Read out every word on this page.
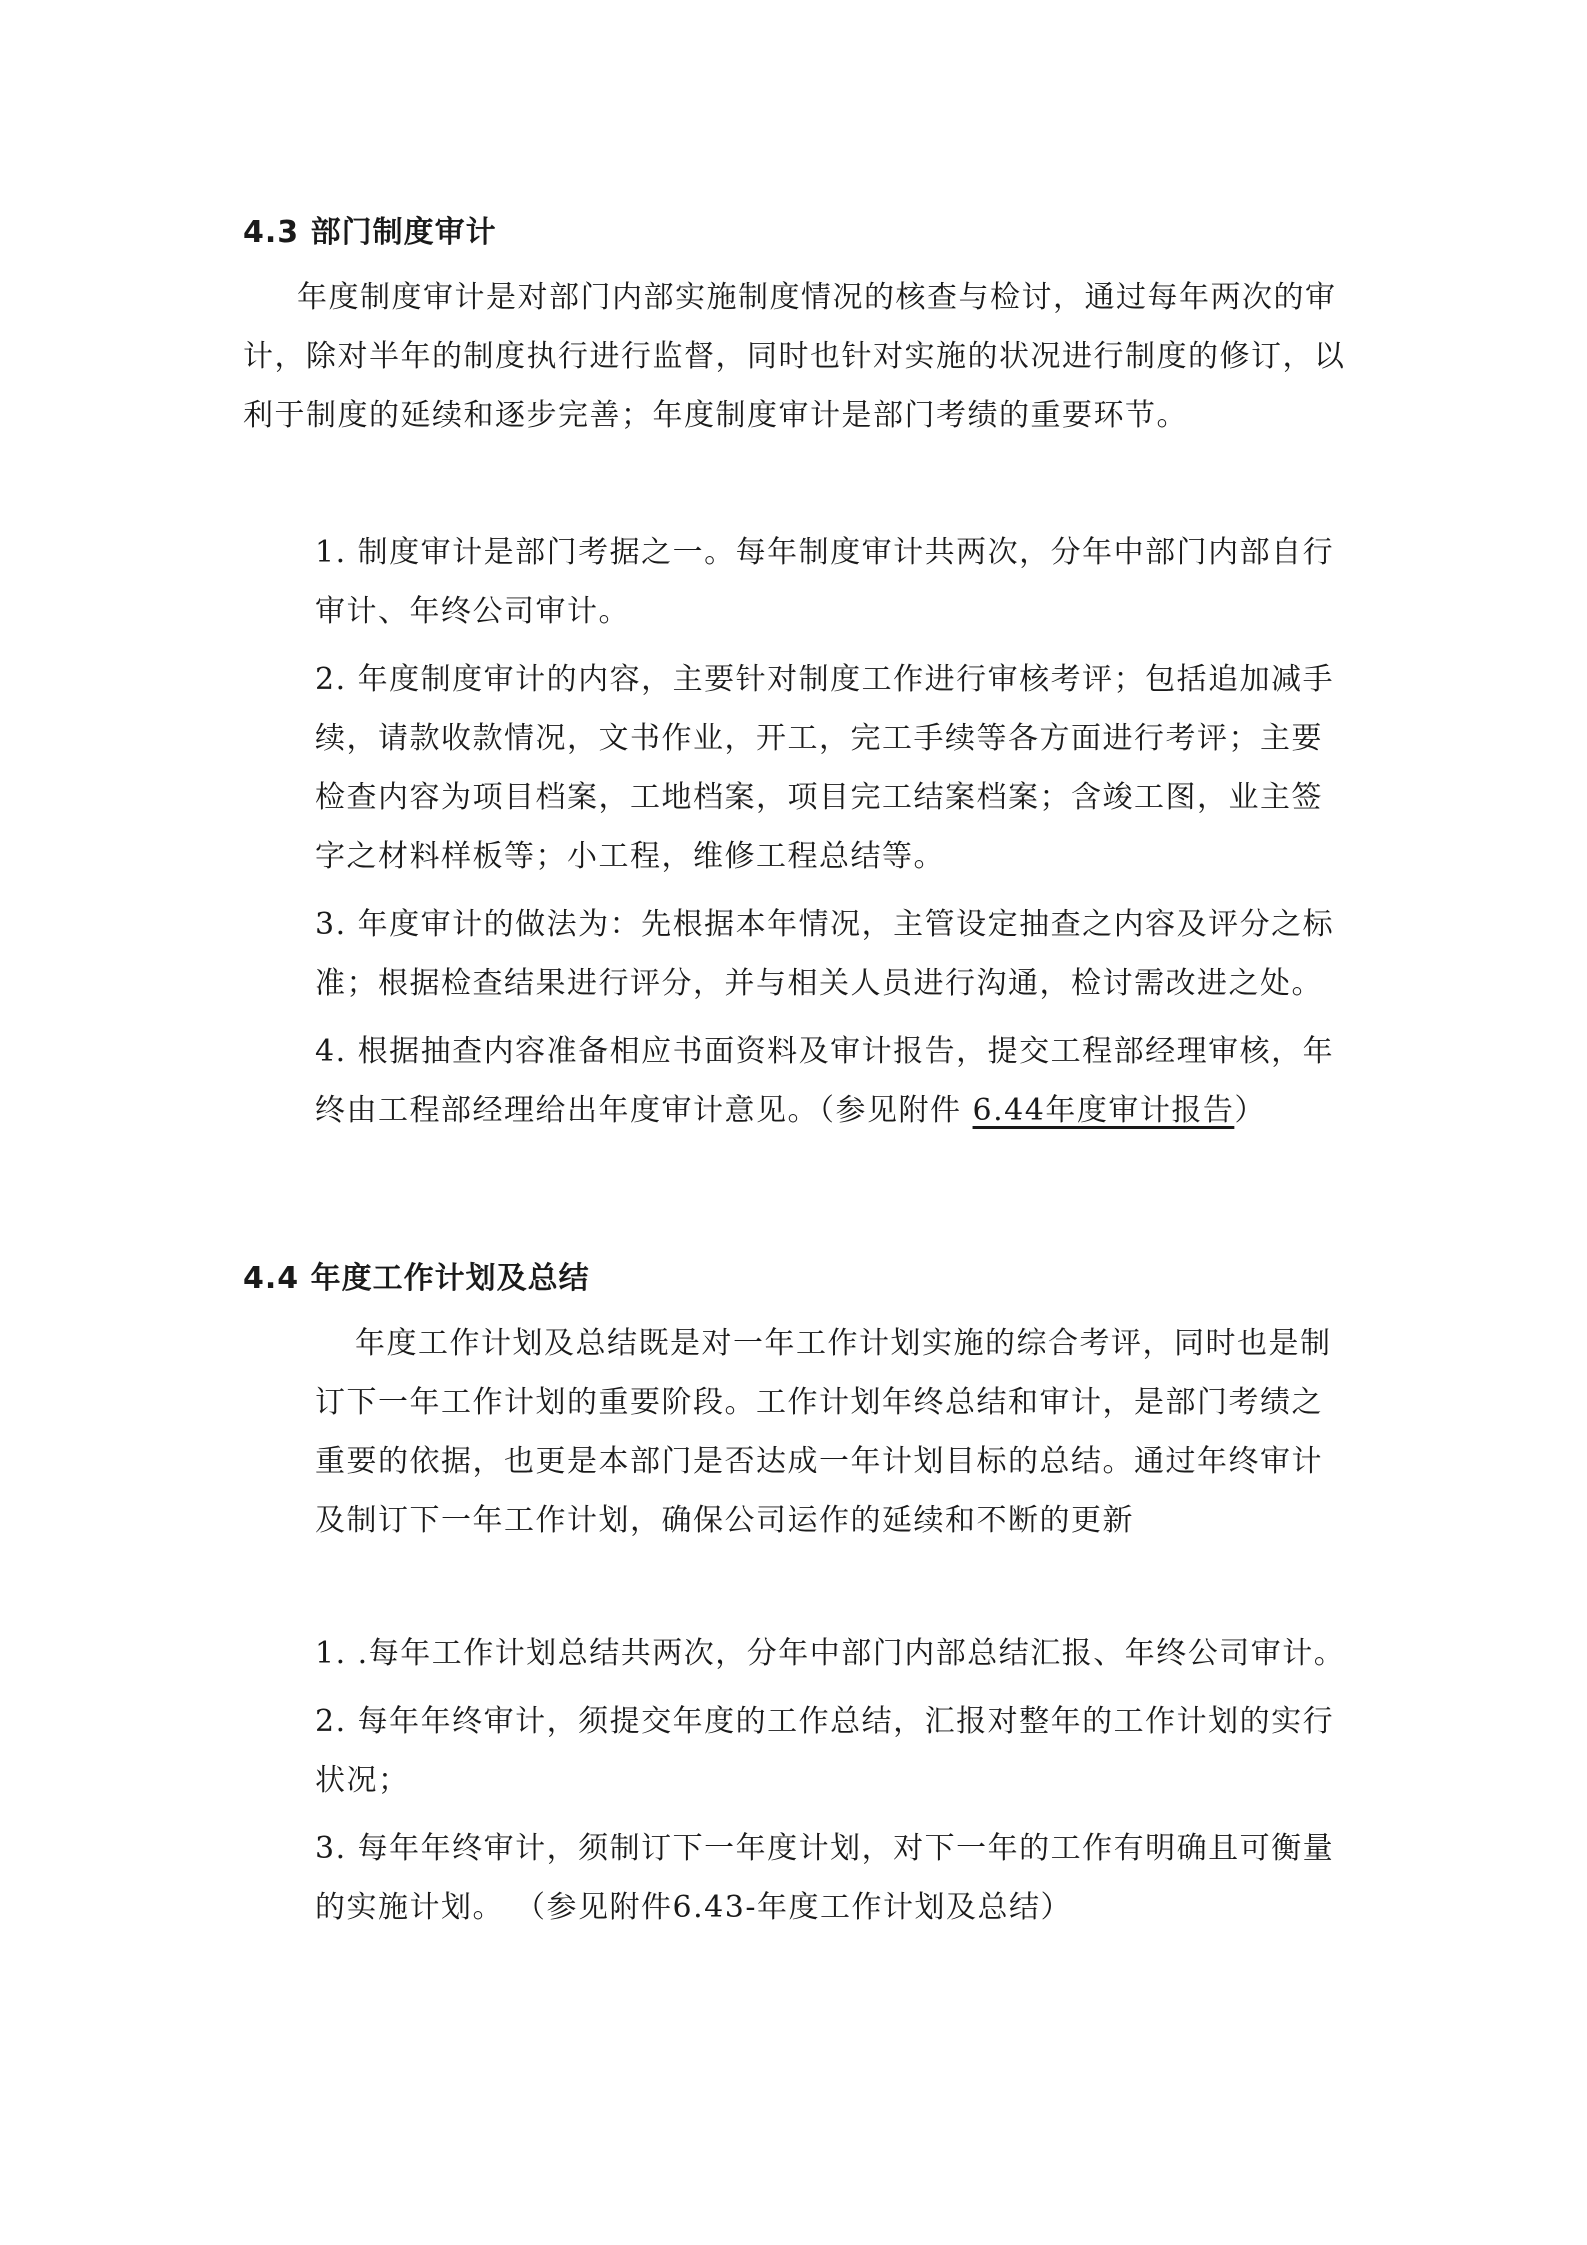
4.3 部门制度审计
年度制度审计是对部门内部实施制度情况的核查与检讨，通过每年两次的审
计，除对半年的制度执行进行监督，同时也针对实施的状况进行制度的修订，以
利于制度的延续和逐步完善；年度制度审计是部门考绩的重要环节。
1. 制度审计是部门考据之一。每年制度审计共两次，分年中部门内部自行
审计、年终公司审计。
2. 年度制度审计的内容，主要针对制度工作进行审核考评；包括追加减手
续，请款收款情况，文书作业，开工，完工手续等各方面进行考评；主要
检查内容为项目档案，工地档案，项目完工结案档案；含竣工图，业主签
字之材料样板等；小工程，维修工程总结等。
3. 年度审计的做法为：先根据本年情况，主管设定抽查之内容及评分之标
准；根据检查结果进行评分，并与相关人员进行沟通，检讨需改进之处。
4. 根据抽查内容准备相应书面资料及审计报告，提交工程部经理审核，年
终由工程部经理给出年度审计意见。（参见附件 6.44年度审计报告）
4.4 年度工作计划及总结
年度工作计划及总结既是对一年工作计划实施的综合考评，同时也是制
订下一年工作计划的重要阶段。工作计划年终总结和审计，是部门考绩之
重要的依据，也更是本部门是否达成一年计划目标的总结。通过年终审计
及制订下一年工作计划，确保公司运作的延续和不断的更新
1. .每年工作计划总结共两次，分年中部门内部总结汇报、年终公司审计。
2. 每年年终审计，须提交年度的工作总结，汇报对整年的工作计划的实行
状况；
3. 每年年终审计，须制订下一年度计划，对下一年的工作有明确且可衡量
的实施计划。 （参见附件6.43-年度工作计划及总结）
